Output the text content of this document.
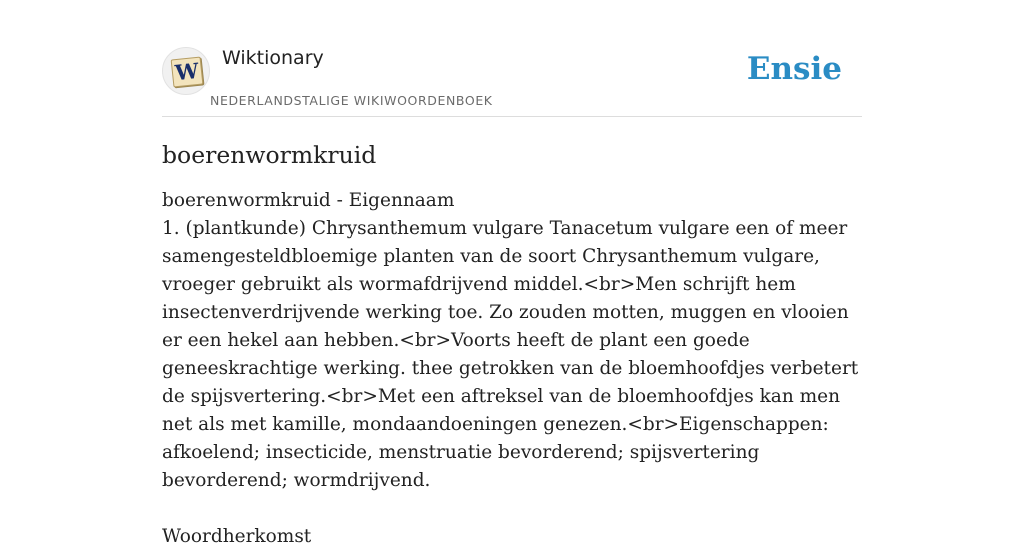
W Wiktionary
NEDERLANDSTALIGE WIKIWOORDENBOEK
Ensie
boerenwormkruid
boerenwormkruid - Eigennaam

1. (plantkunde) Chrysanthemum vulgare Tanacetum vulgare een of meer samengesteldbloemige planten van de soort Chrysanthemum vulgare, vroeger gebruikt als wormafdrijvend middel.<br>Men schrijft hem insectenverdrijvende werking toe. Zo zouden motten, muggen en vlooien er een hekel aan hebben.<br>Voorts heeft de plant een goede geneeskrachtige werking. thee getrokken van de bloemhoofdjes verbetert de spijsvertering.<br>Met een aftreksel van de bloemhoofdjes kan men net als met kamille, mondaandoeningen genezen.<br>Eigenschappen: afkoelend; insecticide, menstruatie bevorderend; spijsvertering bevorderend; wormdrijvend.

Woordherkomst
